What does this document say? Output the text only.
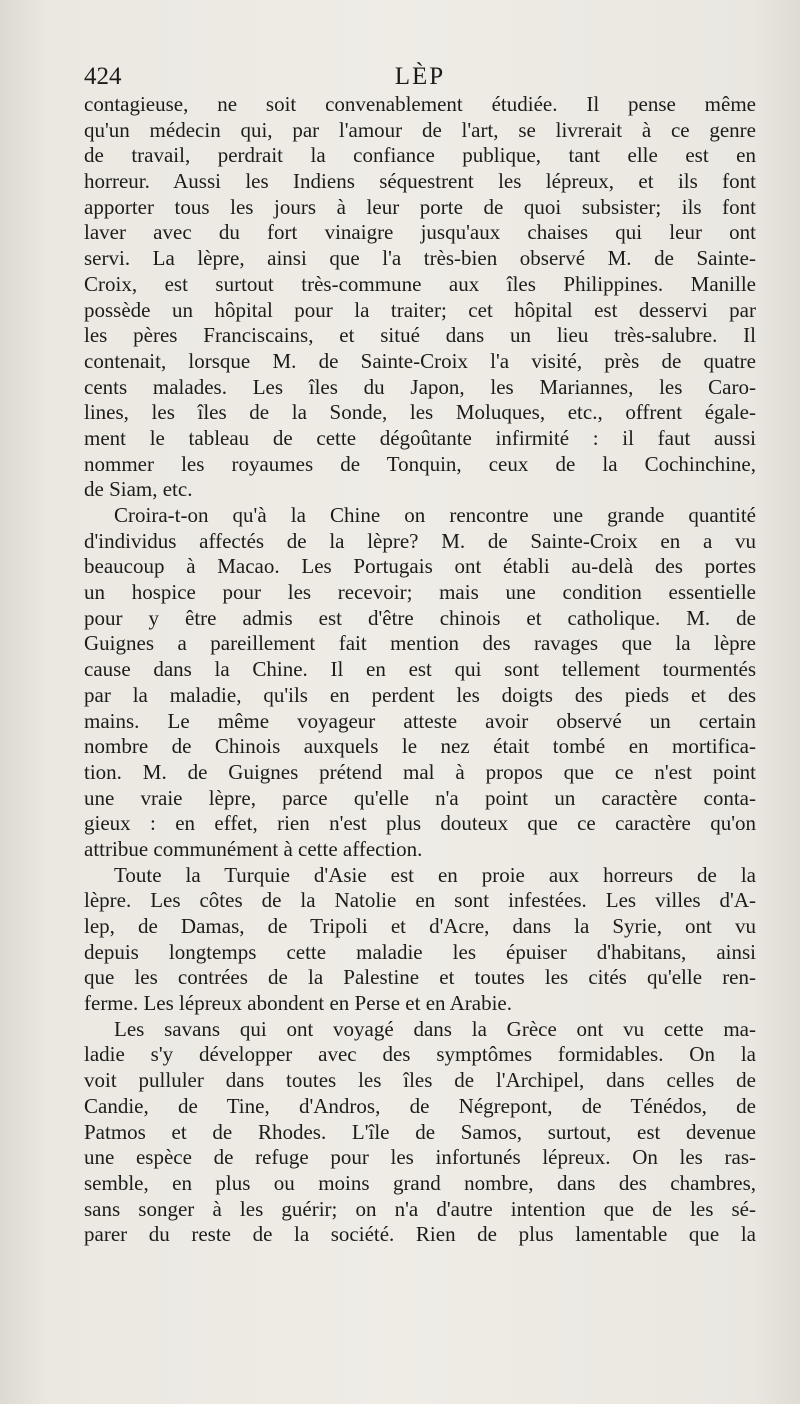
424	LÈP
contagieuse, ne soit convenablement étudiée. Il pense même
qu'un médecin qui, par l'amour de l'art, se livrerait à ce genre
de travail, perdrait la confiance publique, tant elle est en
horreur. Aussi les Indiens séquestrent les lépreux, et ils font
apporter tous les jours à leur porte de quoi subsister; ils font
laver avec du fort vinaigre jusqu'aux chaises qui leur ont
servi. La lèpre, ainsi que l'a très-bien observé M. de Sainte-
Croix, est surtout très-commune aux îles Philippines. Manille
possède un hôpital pour la traiter; cet hôpital est desservi par
les pères Franciscains, et situé dans un lieu très-salubre. Il
contenait, lorsque M. de Sainte-Croix l'a visité, près de quatre
cents malades. Les îles du Japon, les Mariannes, les Caro-
lines, les îles de la Sonde, les Moluques, etc., offrent égale-
ment le tableau de cette dégoûtante infirmité : il faut aussi
nommer les royaumes de Tonquin, ceux de la Cochinchine,
de Siam, etc.
Croira-t-on qu'à la Chine on rencontre une grande quantité
d'individus affectés de la lèpre? M. de Sainte-Croix en a vu
beaucoup à Macao. Les Portugais ont établi au-delà des portes
un hospice pour les recevoir; mais une condition essentielle
pour y être admis est d'être chinois et catholique. M. de
Guignes a pareillement fait mention des ravages que la lèpre
cause dans la Chine. Il en est qui sont tellement tourmentés
par la maladie, qu'ils en perdent les doigts des pieds et des
mains. Le même voyageur atteste avoir observé un certain
nombre de Chinois auxquels le nez était tombé en mortifica-
tion. M. de Guignes prétend mal à propos que ce n'est point
une vraie lèpre, parce qu'elle n'a point un caractère conta-
gieux : en effet, rien n'est plus douteux que ce caractère qu'on
attribue communément à cette affection.
Toute la Turquie d'Asie est en proie aux horreurs de la
lèpre. Les côtes de la Natolie en sont infestées. Les villes d'A-
lep, de Damas, de Tripoli et d'Acre, dans la Syrie, ont vu
depuis longtemps cette maladie les épuiser d'habitans, ainsi
que les contrées de la Palestine et toutes les cités qu'elle ren-
ferme. Les lépreux abondent en Perse et en Arabie.
Les savans qui ont voyagé dans la Grèce ont vu cette ma-
ladie s'y développer avec des symptômes formidables. On la
voit pulluler dans toutes les îles de l'Archipel, dans celles de
Candie, de Tine, d'Andros, de Négrepont, de Ténédos, de
Patmos et de Rhodes. L'île de Samos, surtout, est devenue
une espèce de refuge pour les infortunés lépreux. On les ras-
semble, en plus ou moins grand nombre, dans des chambres,
sans songer à les guérir; on n'a d'autre intention que de les sé-
parer du reste de la société. Rien de plus lamentable que la
